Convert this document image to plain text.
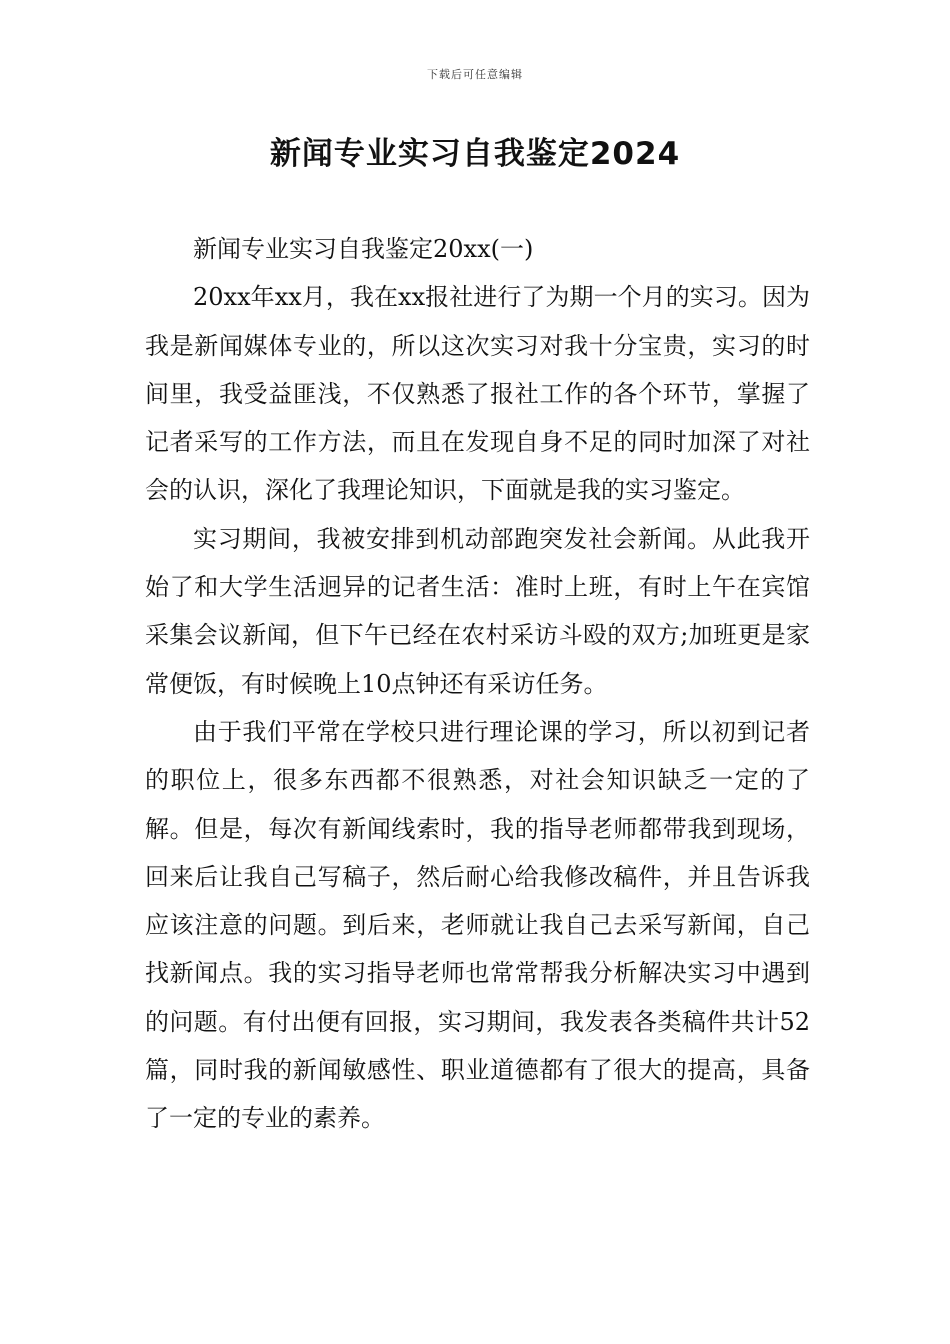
下载后可任意编辑
新闻专业实习自我鉴定2024

新闻专业实习自我鉴定20xx(一)

20xx年xx月，我在xx报社进行了为期一个月的实习。因为我是新闻媒体专业的，所以这次实习对我十分宝贵，实习的时间里，我受益匪浅，不仅熟悉了报社工作的各个环节，掌握了记者采写的工作方法，而且在发现自身不足的同时加深了对社会的认识，深化了我理论知识，下面就是我的实习鉴定。

实习期间，我被安排到机动部跑突发社会新闻。从此我开始了和大学生活迥异的记者生活：准时上班，有时上午在宾馆采集会议新闻，但下午已经在农村采访斗殴的双方;加班更是家常便饭，有时候晚上10点钟还有采访任务。

由于我们平常在学校只进行理论课的学习，所以初到记者的职位上，很多东西都不很熟悉，对社会知识缺乏一定的了解。但是，每次有新闻线索时，我的指导老师都带我到现场，回来后让我自己写稿子，然后耐心给我修改稿件，并且告诉我应该注意的问题。到后来，老师就让我自己去采写新闻，自己找新闻点。我的实习指导老师也常常帮我分析解决实习中遇到的问题。有付出便有回报，实习期间，我发表各类稿件共计52篇，同时我的新闻敏感性、职业道德都有了很大的提高，具备了一定的专业的素养。
